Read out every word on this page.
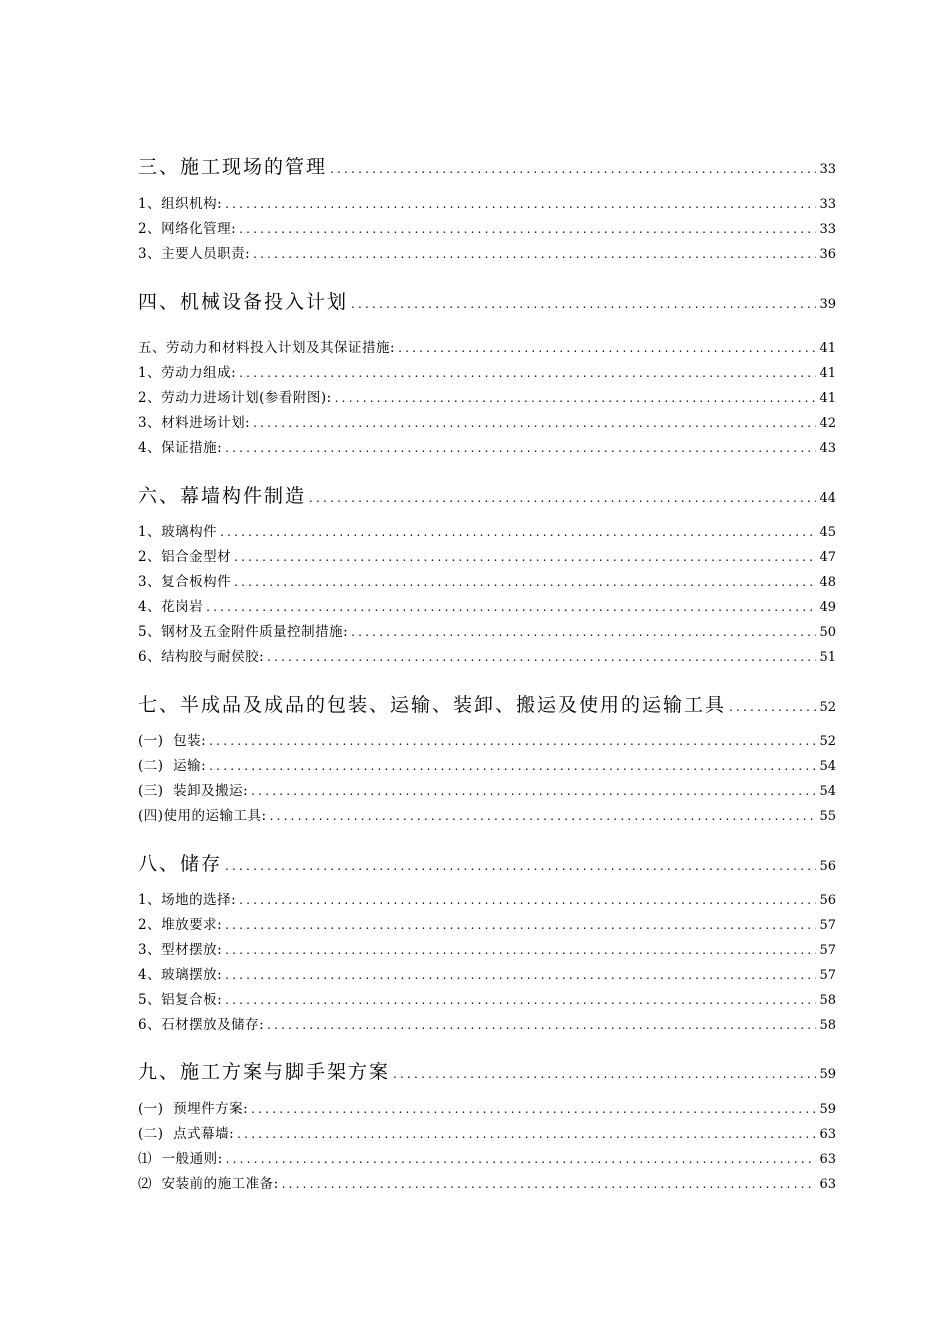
三、施工现场的管理 .....	33
1、组织机构: .....	33
2、网络化管理: .....	33
3、主要人员职责: .....	36
四、机械设备投入计划 .....	39
五、劳动力和材料投入计划及其保证措施: .....	41
1、劳动力组成: .....	41
2、劳动力进场计划(参看附图): .....	41
3、材料进场计划: .....	42
4、保证措施: .....	43
六、幕墙构件制造 .....	44
1、玻璃构件 .....	45
2、铝合金型材 .....	47
3、复合板构件 .....	48
4、花岗岩 .....	49
5、钢材及五金附件质量控制措施: .....	50
6、结构胶与耐侯胶: .....	51
七、半成品及成品的包装、运输、装卸、搬运及使用的运输工具 .....	52
(一)  包装: .....	52
(二)  运输: .....	54
(三)  装卸及搬运: .....	54
(四)使用的运输工具: .....	55
八、储存 .....	56
1、场地的选择: .....	56
2、堆放要求: .....	57
3、型材摆放: .....	57
4、玻璃摆放: .....	57
5、铝复合板: .....	58
6、石材摆放及储存: .....	58
九、施工方案与脚手架方案 .....	59
(一)  预埋件方案: .....	59
(二)  点式幕墙: .....	63
⑴  一般通则: .....	63
⑵  安装前的施工准备: .....	63
